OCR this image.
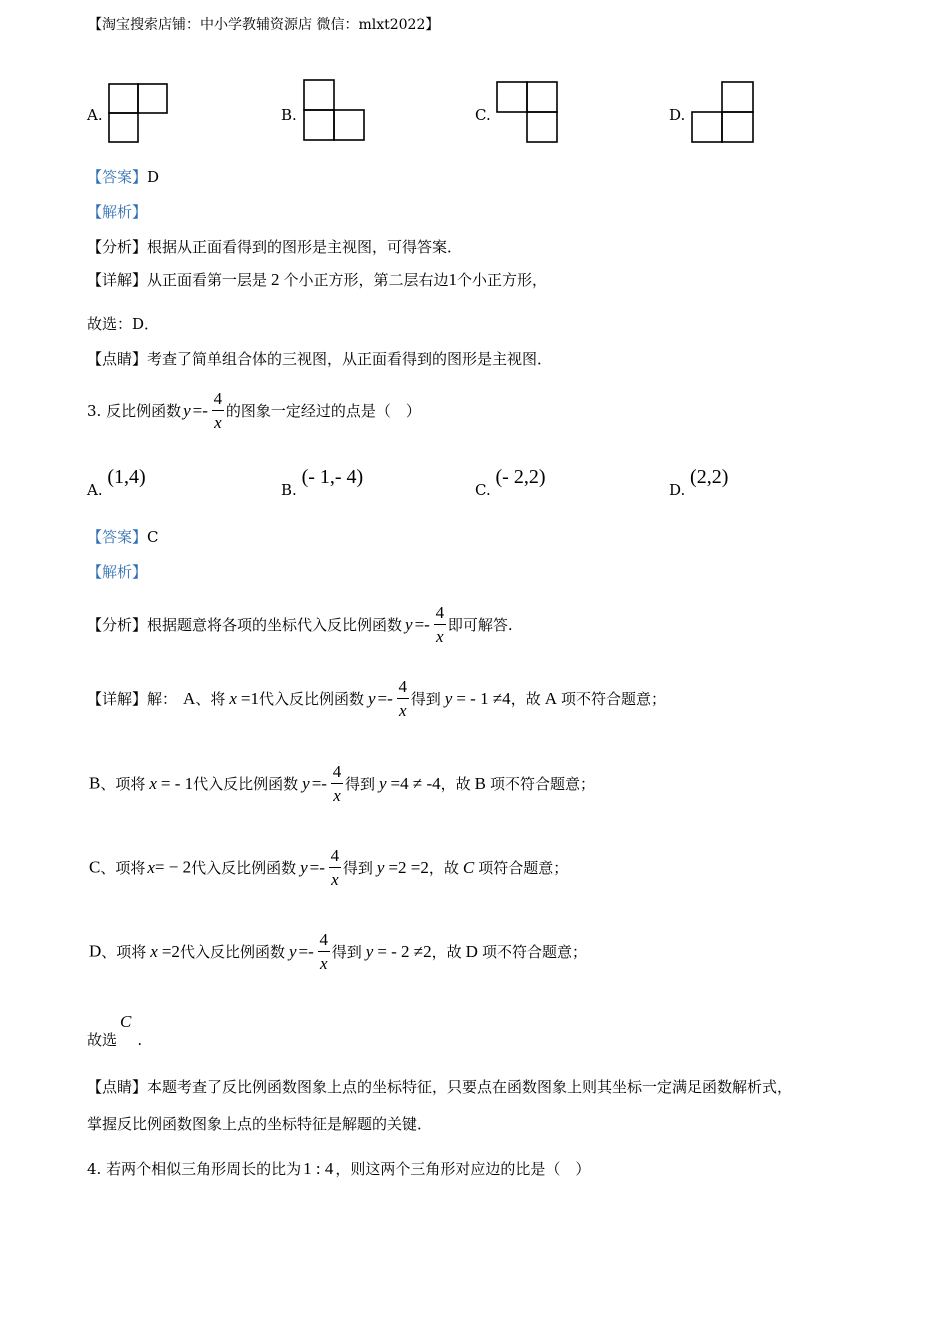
【淘宝搜索店铺：中小学教辅资源店 微信：mlxt2022】
A.	B.	C.	D.
【答案】D
【解析】
【分析】根据从正面看得到的图形是主视图，可得答案．
【详解】从正面看第一层是 2 个小正方形，第二层右边1个小正方形，
故选：D．
【点睛】考查了简单组合体的三视图，从正面看得到的图形是主视图．
3. 反比例函数 $y =- \frac{4}{x}$ 的图象一定经过的点是（　）
A. (1,4)
B. (- 1,- 4)
C. (- 2,2)
D. (2,2)
【答案】C
【解析】
【分析】根据题意将各项的坐标代入反比例函数 $y =- \frac{4}{x}$ 即可解答.
【详解】解： A、将 x =1代入反比例函数 $y =- \frac{4}{x}$ 得到 y = - 1 ≠4，故 A 项不符合题意；
B、项将 x = - 1代入反比例函数 $y =- \frac{4}{x}$ 得到 y =4 ≠ -4，故 B 项不符合题意；
C、项将 x= − 2代入反比例函数 $y =- \frac{4}{x}$ 得到 y =2 =2，故 C 项符合题意；
D、项将 x =2代入反比例函数 $y =- \frac{4}{x}$ 得到 y = - 2 ≠2，故 D 项不符合题意；
故选C.
【点睛】本题考查了反比例函数图象上点的坐标特征，只要点在函数图象上则其坐标一定满足函数解析式，
掌握反比例函数图象上点的坐标特征是解题的关键．
4. 若两个相似三角形周长的比为 1 : 4 ，则这两个三角形对应边的比是（　）
